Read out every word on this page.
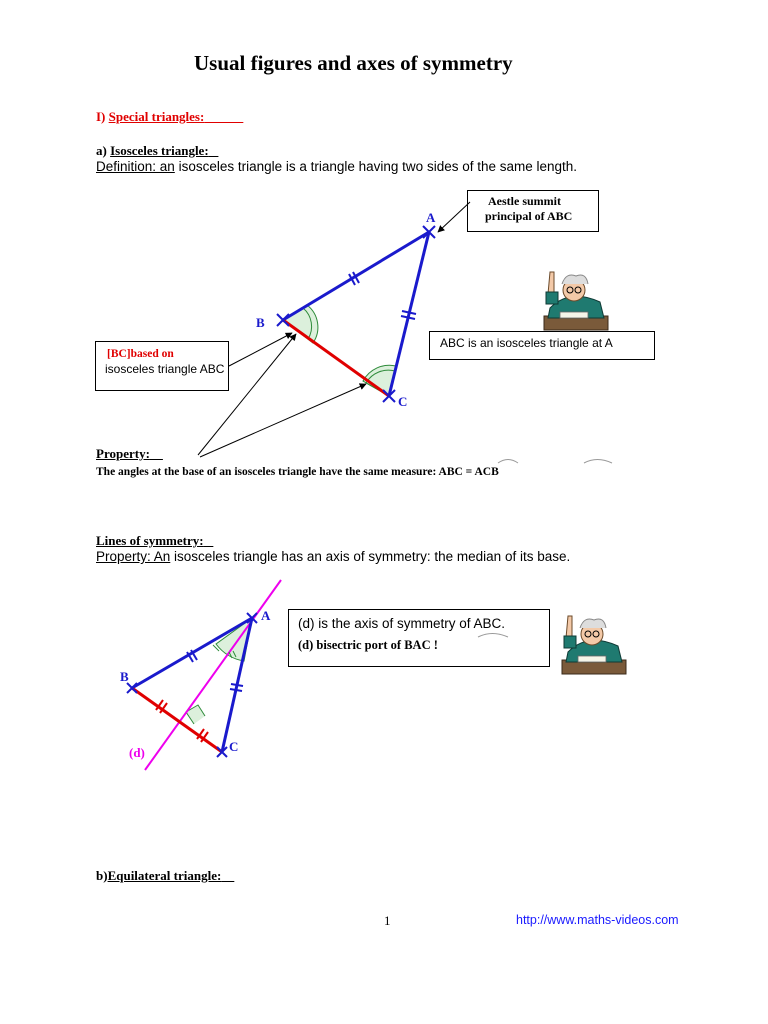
Usual figures and axes of symmetry
I) Special triangles:
a) Isosceles triangle:
Definition: an isosceles triangle is a triangle having two sides of the same length.
Aestle summit
principal of ABC
[BC]based on
isosceles triangle ABC
ABC is an isosceles triangle at A
Property:
The angles at the base of an isosceles triangle have the same measure: ABC = ACB
Lines of symmetry:
Property: An isosceles triangle has an axis of symmetry: the median of its base.
(d) is the axis of symmetry of ABC.
(d) bisectric port of BAC !
b)Equilateral triangle:
1	http://www.maths-videos.com
A
B
C
A
B
C
(d)
